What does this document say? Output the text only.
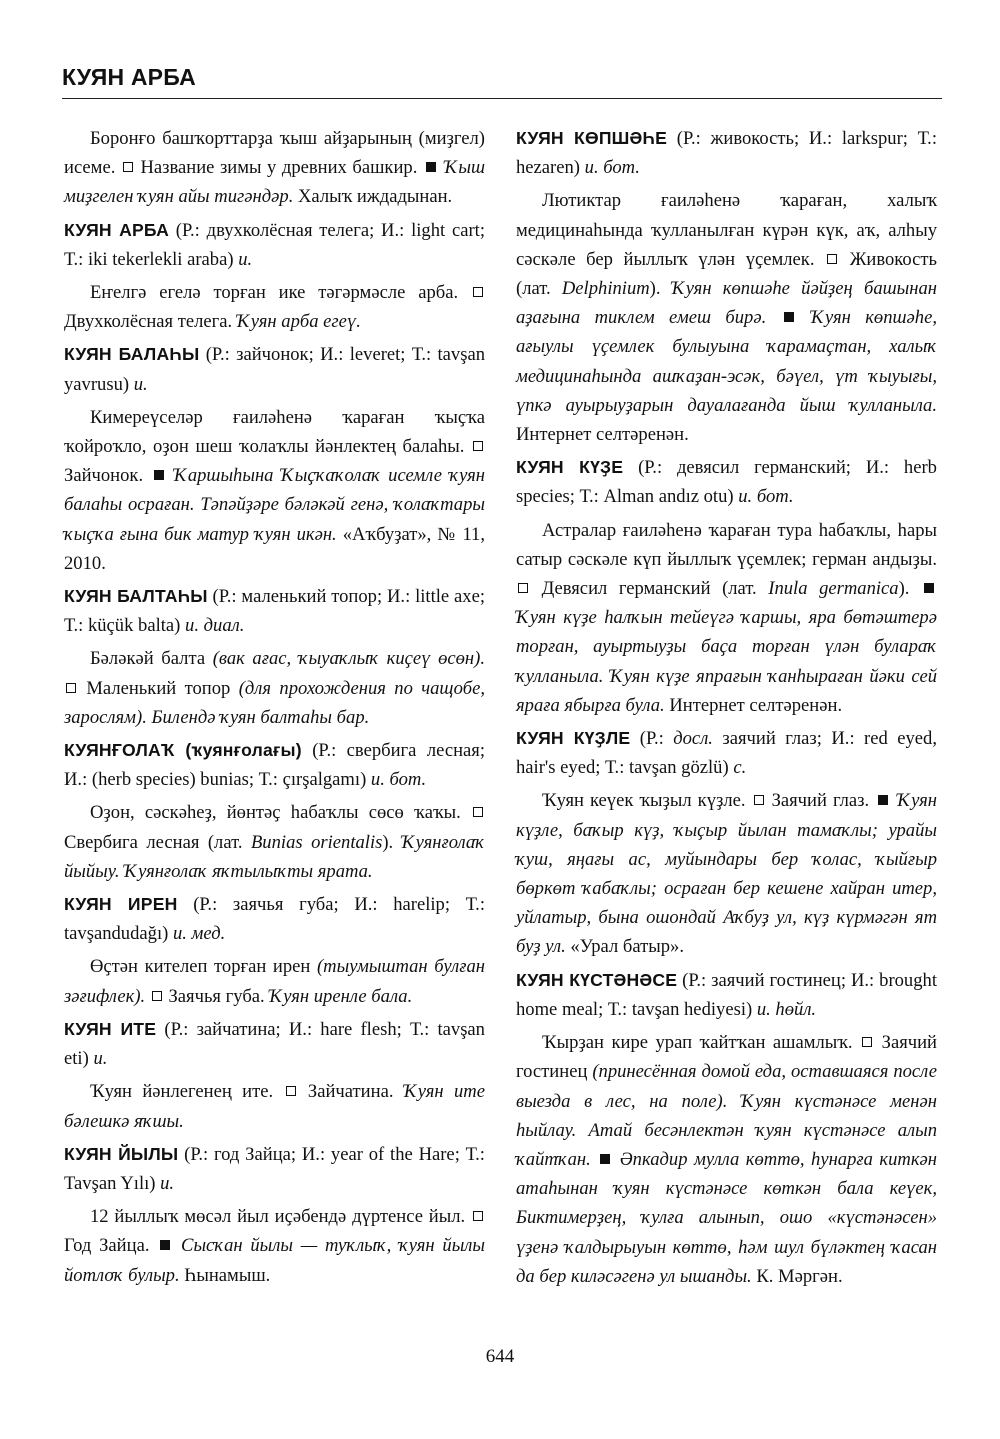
КУЯН АРБА

Боронғо башҡорттарҙа ҡыш айҙарының (миҙгел) исеме. Название зимы у древних башкир. Ҡыш миҙгелен ҡуян айы тигәндәр. Халыҡ иждадынан.

КУЯН АРБА (Р.: двухколёсная телега; И.: light cart; Т.: iki tekerlekli araba) и.

Еҥелгә егелә торған ике тәгәрмәсле арба.  Двухколёсная телега. Ҡуян арба егеү.

КУЯН БАЛАҺЫ (Р.: зайчонок; И.: leveret; Т.: tavşan yavrusu) и.

Кимереүселәр ғаиләһенә ҡараған ҡыҫҡа ҡойроҡло, оҙон шеш ҡолаҡлы йәнлектең балаһы.  Зайчонок. Ҡаршыһына Ҡыҫҡаҡолаҡ исемле ҡуян балаһы осраған. Тәпәйҙәре бәләкәй генә, ҡолаҡтары ҡыҫҡа ғына бик матур ҡуян икән. «Аҡбуҙат», № 11, 2010.

КУЯН БАЛТАҺЫ (Р.: маленький топор; И.: little axe; Т.: küçük balta) и. диал.

Бәләкәй балта (вак ағас, ҡыуаҡлыҡ киҫеү өсөн).  Маленький топор (для прохождения по чащобе, зарослям). Билендә ҡуян балтаһы бар.

КУЯНҒОЛАҠ (ҡуянғолағы) (Р.: свербига лесная; И.: (herb species) bunias; Т.: çırşalgamı) и. бот.

Оҙон, сәскәһеҙ, йөнтәҫ һабаҡлы сөсө ҡаҡы.  Свербига лесная (лат. Bunias orientalis). Ҡуянғолаҡ йыйыу. Ҡуянғолаҡ яҡтылыҡты ярата.

КУЯН ИРЕН (Р.: заячья губа; И.: harelip; Т.: tavşandudağı) и. мед.

Өҫтән кителеп торған ирен (тыумыштан булған зәғифлек). Заячья губа. Ҡуян иренле бала.

КУЯН ИТЕ (Р.: зайчатина; И.: hare flesh; Т.: tavşan eti) и.

Ҡуян йәнлегенең ите. Зайчатина. Ҡуян ите бәлешкә яҡшы.

КУЯН ЙЫЛЫ (Р.: год Зайца; И.: year of the Hare; Т.: Tavşan Yılı) и.

12 йыллыҡ мөсәл йыл иҫәбендә дүртенсе йыл.  Год Зайца. Сысҡан йылы — туҡлыҡ, ҡуян йылы йотлоҡ булыр. Һынамыш.

КУЯН КӨПШӘҺЕ (Р.: живокость; И.: larkspur; Т.: hezaren) и. бот.

Лютиктар ғаиләһенә ҡараған, халыҡ медицинаһында ҡулланылған күрән күк, аҡ, алһыу сәскәле бер йыллыҡ үлән үҫемлек. Живокость (лат. Delphinium). Ҡуян көпшәһе йәйҙең башынан аҙағына тиклем емеш бирә. Ҡуян көпшәһе, ағыулы үҫемлек булыуына ҡарамаҫтан, халыҡ медицинаһында ашҡаҙан-эсәк, бәүел, үт ҡыуығы, үпкә ауырыуҙарын дауалағанда йыш ҡулланыла. Интернет селтәренән.

КУЯН КҮҘЕ (Р.: девясил германский; И.: herb species; Т.: Alman andız otu) и. бот.

Астралар ғаиләһенә ҡараған тура һабаҡлы, һары сатыр сәскәле күп йыллыҡ үҫемлек; герман андыҙы.  Девясил германский (лат. Inula germanica).  Ҡуян күҙе һалҡын тейеүгә ҡаршы, яра бөтәштерә торған, ауыртыуҙы баҫа торған үлән булараҡ ҡулланыла. Ҡуян күҙе япрағын ҡанһыраған йәки сей яраға ябырға була. Интернет селтәренән.

КУЯН КҮҘЛЕ (Р.: досл. заячий глаз; И.: red eyed, hair's eyed; Т.: tavşan gözlü) с.

Ҡуян кеүек ҡыҙыл күҙле. Заячий глаз. Ҡуян күҙле, баҡыр күҙ, ҡыҫыр йылан тамаҡлы; урайы ҡуш, яңағы ас, муйындары бер ҡолас, ҡыйғыр бөркөт ҡабаҡлы; осраған бер кешене хайран итер, уйлатыр, бына ошондай Аҡбуҙ ул, күҙ күрмәгән ят буҙ ул. «Урал батыр».

КУЯН КҮСТӘНӘСЕ (Р.: заячий гостинец; И.: brought home meal; Т.: tavşan hediyesi) и. һөйл.

Ҡырҙан кире урап ҡайтҡан ашамлыҡ. Заячий гостинец (принесённая домой еда, оставшаяся после выезда в лес, на поле). Ҡуян күстәнәсе менән һыйлау. Атай бесәнлектән ҡуян күстәнәсе алып ҡайтҡан. Әпкадир мулла көттө, һунарға киткән атаһынан ҡуян күстәнәсе көткән бала кеүек, Биктимерҙең, ҡулға алынып, ошо «күстәнәсен» үҙенә ҡалдырыуын көттө, һәм шул бүләктең ҡасан да бер киләсәгенә ул ышанды. К. Мәргән.

644
